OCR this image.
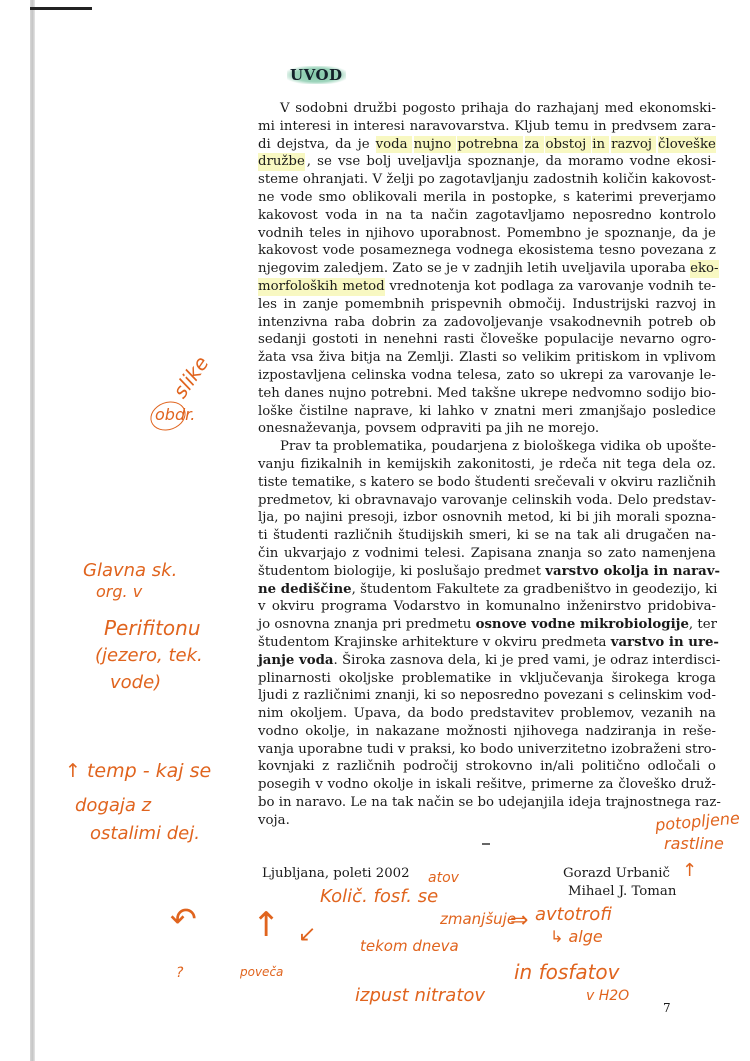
UVOD
V sodobni družbi pogosto prihaja do razhajanj med ekonomski-
mi interesi in interesi naravovarstva. Kljub temu in predvsem zara-
di dejstva, da je voda nujno potrebna za obstoj in razvoj človeške
družbe , se vse bolj uveljavlja spoznanje, da moramo vodne ekosi-
steme ohranjati. V želji po zagotavljanju zadostnih količin kakovost-
ne vode smo oblikovali merila in postopke, s katerimi preverjamo
kakovost voda in na ta način zagotavljamo neposredno kontrolo
vodnih teles in njihovo uporabnost. Pomembno je spoznanje, da je
kakovost vode posameznega vodnega ekosistema tesno povezana z
njegovim zaledjem. Zato se je v zadnjih letih uveljavila uporaba eko-
morfoloških metod
vrednotenja kot podlaga za varovanje vodnih te-
les in zanje pomembnih prispevnih območij. Industrijski razvoj in
intenzivna raba dobrin za zadovoljevanje vsakodnevnih potreb ob
sedanji gostoti in nenehni rasti človeške populacije nevarno ogro-
žata vsa živa bitja na Zemlji. Zlasti so velikim pritiskom in vplivom
izpostavljena celinska vodna telesa, zato so ukrepi za varovanje le-
teh danes nujno potrebni. Med takšne ukrepe nedvomno sodijo bio-
loške čistilne naprave, ki lahko v znatni meri zmanjšajo posledice
onesnaževanja, povsem odpraviti pa jih ne morejo.
Prav ta problematika, poudarjena z biološkega vidika ob upošte-
vanju fizikalnih in kemijskih zakonitosti, je rdeča nit tega dela oz.
tiste tematike, s katero se bodo študenti srečevali v okviru različnih
predmetov, ki obravnavajo varovanje celinskih voda. Delo predstav-
lja, po najini presoji, izbor osnovnih metod, ki bi jih morali spozna-
ti študenti različnih študijskih smeri, ki se na tak ali drugačen na-
čin ukvarjajo z vodnimi telesi. Zapisana znanja so zato namenjena
študentom biologije, ki poslušajo predmet varstvo okolja in narav-
ne dediščine , študentom Fakultete za gradbeništvo in geodezijo, ki
v okviru programa Vodarstvo in komunalno inženirstvo pridobiva-
jo osnovna znanja pri predmetu osnove vodne mikrobiologije , ter
študentom Krajinske arhitekture v okviru predmeta varstvo in ure-
janje voda . Široka zasnova dela, ki je pred vami, je odraz interdisci-
plinarnosti okoljske problematike in vključevanja širokega kroga
ljudi z različnimi znanji, ki so neposredno povezani s celinskim vod-
nim okoljem. Upava, da bodo predstavitev problemov, vezanih na
vodno okolje, in nakazane možnosti njihovega nadziranja in reše-
vanja uporabne tudi v praksi, ko bodo univerzitetno izobraženi stro-
kovnjaki z različnih področij strokovno in/ali politično odločali o
posegih v vodno okolje in iskali rešitve, primerne za človeško druž-
bo in naravo. Le na tak način se bo udejanjila ideja trajnostnega raz-
voja.
Ljubljana, poleti 2002	Gorazd Urbanič
Mihael J. Toman
7
slike
obdr.
Glavna sk.
org. v
Perifitonu
(jezero, tek.
vode)
↑ temp - kaj se
dogaja z
ostalimi dej.	potopljene
rastline
↑
atov
Količ. fosf. se
zmanjšuje
tekom dneva
⇒ avtotrofi
↳ alge
in fosfatov
v H2O
izpust nitratov
poveča
↑ ↙
↶
?
